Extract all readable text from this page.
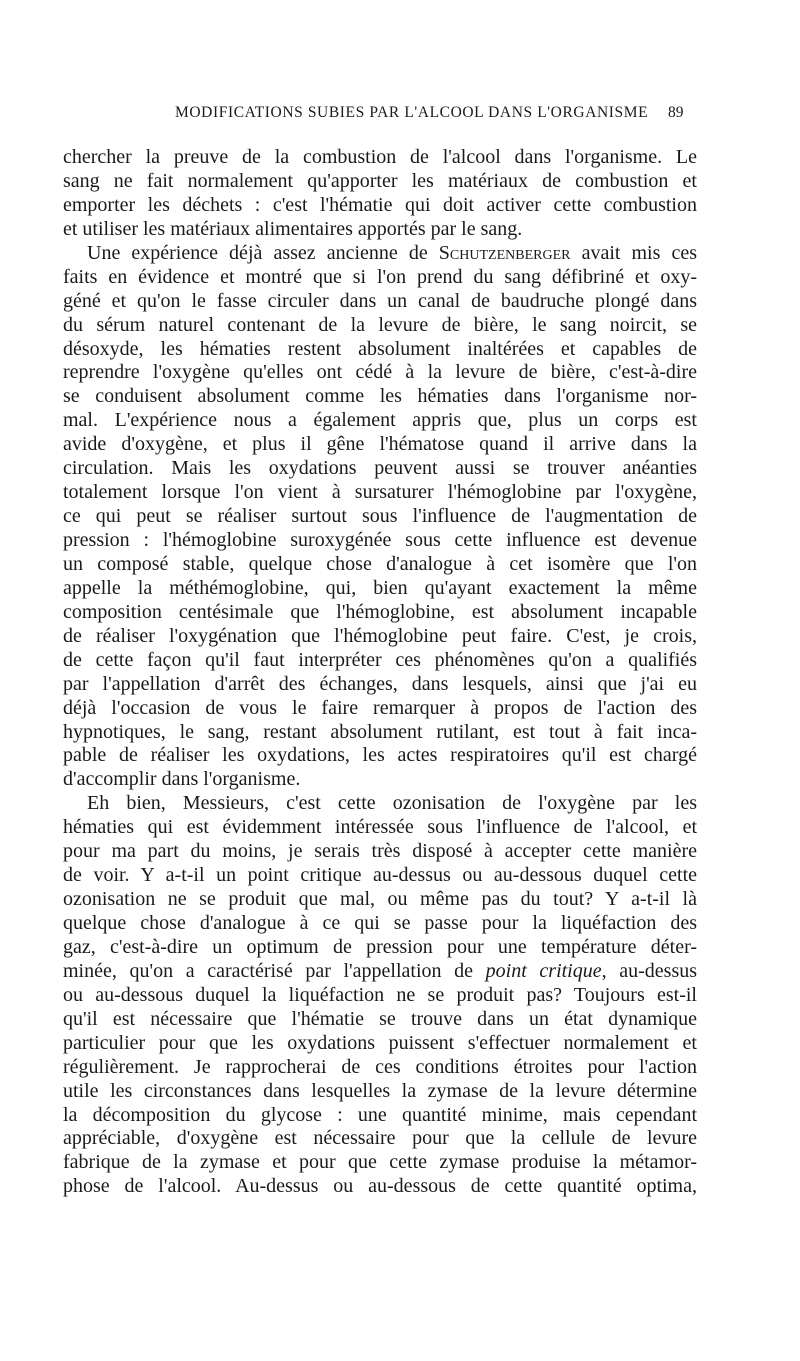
MODIFICATIONS SUBIES PAR L'ALCOOL DANS L'ORGANISME	89
chercher la preuve de la combustion de l'alcool dans l'organisme. Le
sang ne fait normalement qu'apporter les matériaux de combustion et
emporter les déchets : c'est l'hématie qui doit activer cette combustion
et utiliser les matériaux alimentaires apportés par le sang.
Une expérience déjà assez ancienne de Schutzenberger avait mis ces
faits en évidence et montré que si l'on prend du sang défibriné et oxy-
géné et qu'on le fasse circuler dans un canal de baudruche plongé dans
du sérum naturel contenant de la levure de bière, le sang noircit, se
désoxyde, les hématies restent absolument inaltérées et capables de
reprendre l'oxygène qu'elles ont cédé à la levure de bière, c'est-à-dire
se conduisent absolument comme les hématies dans l'organisme nor-
mal. L'expérience nous a également appris que, plus un corps est
avide d'oxygène, et plus il gêne l'hématose quand il arrive dans la
circulation. Mais les oxydations peuvent aussi se trouver anéanties
totalement lorsque l'on vient à sursaturer l'hémoglobine par l'oxygène,
ce qui peut se réaliser surtout sous l'influence de l'augmentation de
pression : l'hémoglobine suroxygénée sous cette influence est devenue
un composé stable, quelque chose d'analogue à cet isomère que l'on
appelle la méthémoglobine, qui, bien qu'ayant exactement la même
composition centésimale que l'hémoglobine, est absolument incapable
de réaliser l'oxygénation que l'hémoglobine peut faire. C'est, je crois,
de cette façon qu'il faut interpréter ces phénomènes qu'on a qualifiés
par l'appellation d'arrêt des échanges, dans lesquels, ainsi que j'ai eu
déjà l'occasion de vous le faire remarquer à propos de l'action des
hypnotiques, le sang, restant absolument rutilant, est tout à fait inca-
pable de réaliser les oxydations, les actes respiratoires qu'il est chargé
d'accomplir dans l'organisme.
Eh bien, Messieurs, c'est cette ozonisation de l'oxygène par les
hématies qui est évidemment intéressée sous l'influence de l'alcool, et
pour ma part du moins, je serais très disposé à accepter cette manière
de voir. Y a-t-il un point critique au-dessus ou au-dessous duquel cette
ozonisation ne se produit que mal, ou même pas du tout? Y a-t-il là
quelque chose d'analogue à ce qui se passe pour la liquéfaction des
gaz, c'est-à-dire un optimum de pression pour une température déter-
minée, qu'on a caractérisé par l'appellation de point critique, au-dessus
ou au-dessous duquel la liquéfaction ne se produit pas? Toujours est-il
qu'il est nécessaire que l'hématie se trouve dans un état dynamique
particulier pour que les oxydations puissent s'effectuer normalement et
régulièrement. Je rapprocherai de ces conditions étroites pour l'action
utile les circonstances dans lesquelles la zymase de la levure détermine
la décomposition du glycose : une quantité minime, mais cependant
appréciable, d'oxygène est nécessaire pour que la cellule de levure
fabrique de la zymase et pour que cette zymase produise la métamor-
phose de l'alcool. Au-dessus ou au-dessous de cette quantité optima,
